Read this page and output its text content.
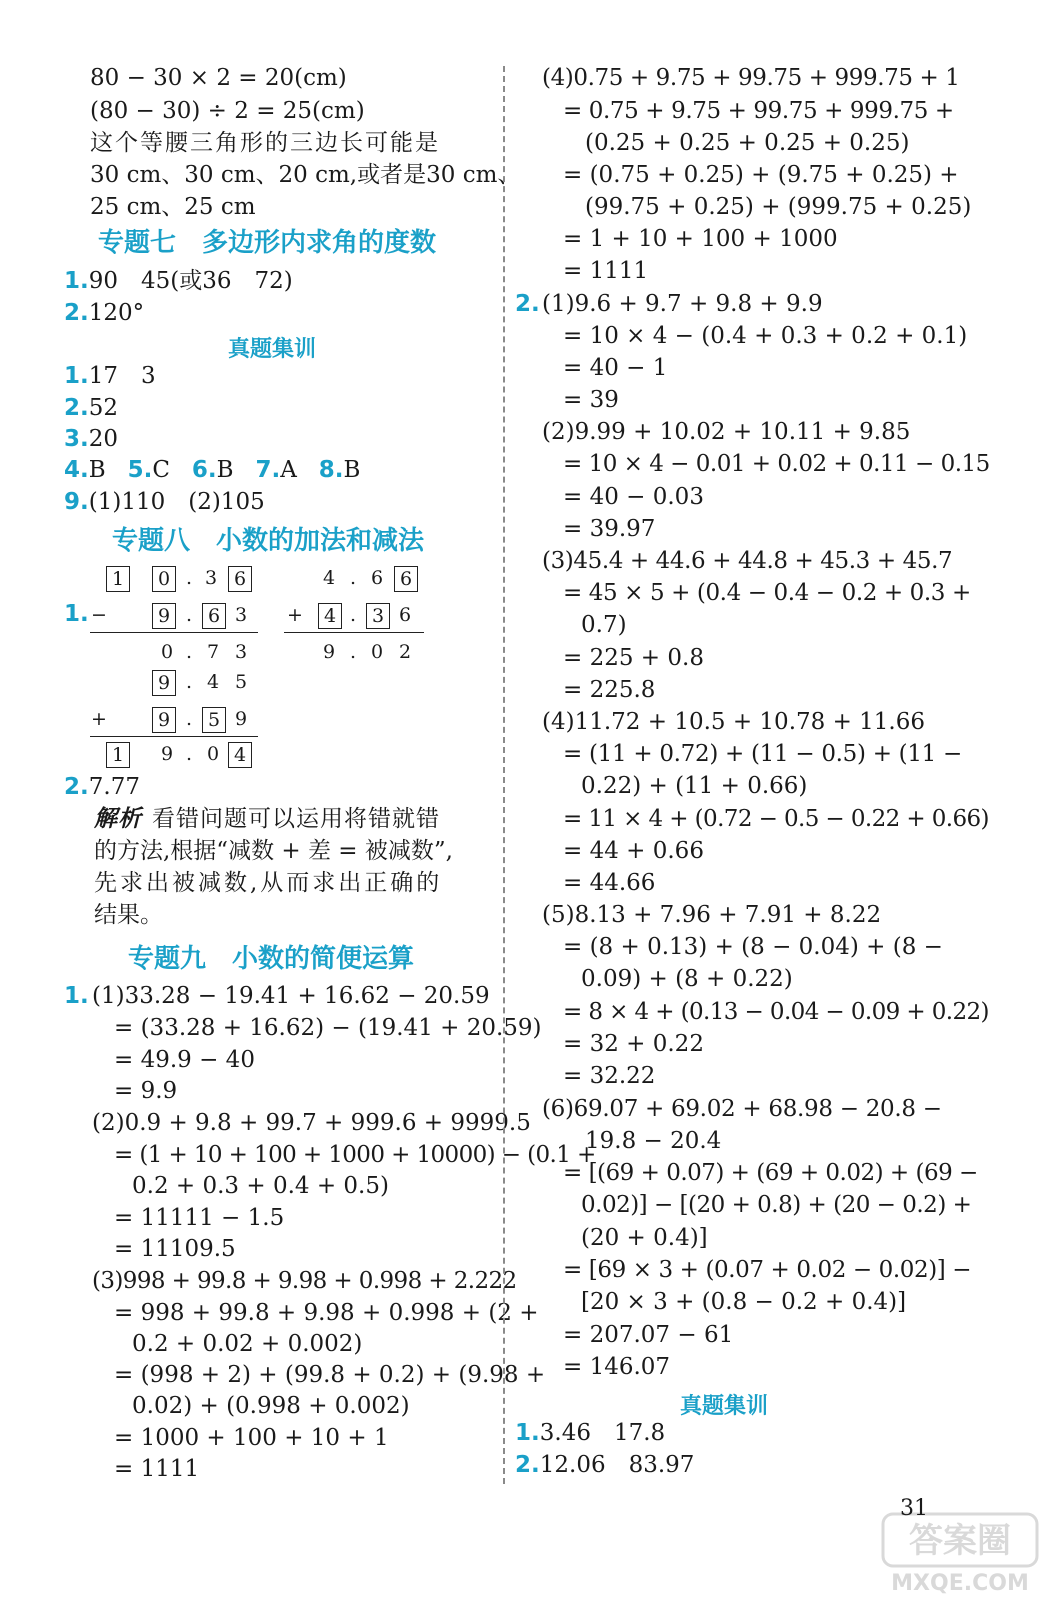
80 − 30 × 2 = 20(cm)
(80 − 30) ÷ 2 = 25(cm)
这个等腰三角形的三边长可能是
30 cm、30 cm、20 cm,或者是30 cm、
25 cm、25 cm
专题七　多边形内求角的度数
1.90　45(或36　72)
2.120°
真题集训
1.17　3
2.52
3.20
4.B 5.C 6.B 7.A 8.B
9.(1)110　(2)105
专题八　小数的加法和减法
1.
1	0 . 3 6
−	9 . 6 3
0 . 7 3
4 . 6 6
+	4 . 3 6
9 . 0 2
9 . 4 5
+	9 . 5 9
1	9 . 0 4
2.7.77
解析 看错问题可以运用将错就错
的方法,根据“减数 + 差 = 被减数”,
先求出被减数,从而求出正确的
结果。
专题九　小数的简便运算
1. (1)33.28 − 19.41 + 16.62 − 20.59
= (33.28 + 16.62) − (19.41 + 20.59)
= 49.9 − 40
= 9.9
(2)0.9 + 9.8 + 99.7 + 999.6 + 9999.5
= (1 + 10 + 100 + 1000 + 10000) − (0.1 +
0.2 + 0.3 + 0.4 + 0.5)
= 11111 − 1.5
= 11109.5
(3)998 + 99.8 + 9.98 + 0.998 + 2.222
= 998 + 99.8 + 9.98 + 0.998 + (2 +
0.2 + 0.02 + 0.002)
= (998 + 2) + (99.8 + 0.2) + (9.98 +
0.02) + (0.998 + 0.002)
= 1000 + 100 + 10 + 1
= 1111
(4)0.75 + 9.75 + 99.75 + 999.75 + 1
= 0.75 + 9.75 + 99.75 + 999.75 +
(0.25 + 0.25 + 0.25 + 0.25)
= (0.75 + 0.25) + (9.75 + 0.25) +
(99.75 + 0.25) + (999.75 + 0.25)
= 1 + 10 + 100 + 1000
= 1111
2. (1)9.6 + 9.7 + 9.8 + 9.9
= 10 × 4 − (0.4 + 0.3 + 0.2 + 0.1)
= 40 − 1
= 39
(2)9.99 + 10.02 + 10.11 + 9.85
= 10 × 4 − 0.01 + 0.02 + 0.11 − 0.15
= 40 − 0.03
= 39.97
(3)45.4 + 44.6 + 44.8 + 45.3 + 45.7
= 45 × 5 + (0.4 − 0.4 − 0.2 + 0.3 +
0.7)
= 225 + 0.8
= 225.8
(4)11.72 + 10.5 + 10.78 + 11.66
= (11 + 0.72) + (11 − 0.5) + (11 −
0.22) + (11 + 0.66)
= 11 × 4 + (0.72 − 0.5 − 0.22 + 0.66)
= 44 + 0.66
= 44.66
(5)8.13 + 7.96 + 7.91 + 8.22
= (8 + 0.13) + (8 − 0.04) + (8 −
0.09) + (8 + 0.22)
= 8 × 4 + (0.13 − 0.04 − 0.09 + 0.22)
= 32 + 0.22
= 32.22
(6)69.07 + 69.02 + 68.98 − 20.8 −
19.8 − 20.4
= [(69 + 0.07) + (69 + 0.02) + (69 −
0.02)] − [(20 + 0.8) + (20 − 0.2) +
(20 + 0.4)]
= [69 × 3 + (0.07 + 0.02 − 0.02)] −
[20 × 3 + (0.8 − 0.2 + 0.4)]
= 207.07 − 61
= 146.07
真题集训
1.3.46　17.8
2.12.06　83.97
答案圈
MXQE.COM
31
